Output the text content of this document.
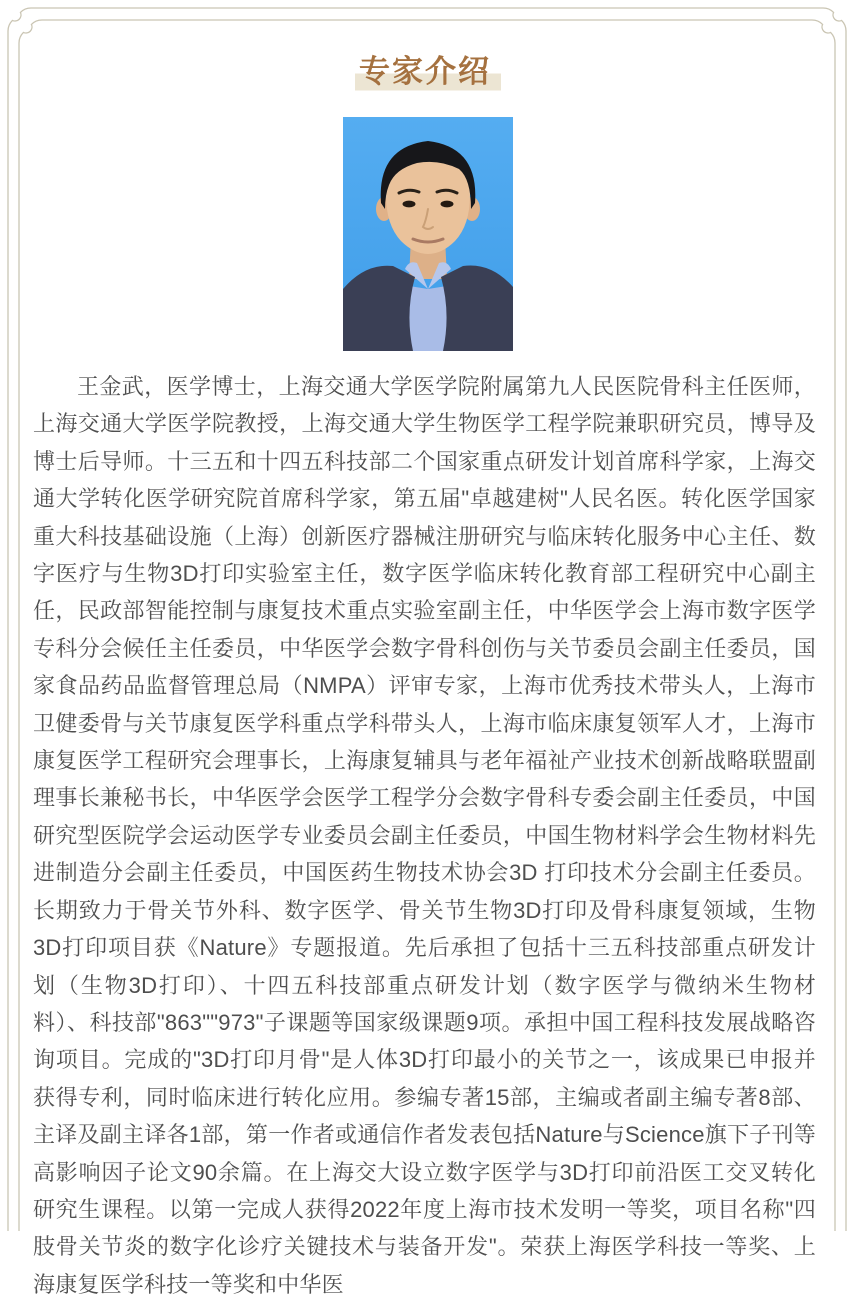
专家介绍

王金武，医学博士，上海交通大学医学院附属第九人民医院骨科主任医师，上海交通大学医学院教授，上海交通大学生物医学工程学院兼职研究员，博导及博士后导师。十三五和十四五科技部二个国家重点研发计划首席科学家，上海交通大学转化医学研究院首席科学家，第五届"卓越建树"人民名医。转化医学国家重大科技基础设施（上海）创新医疗器械注册研究与临床转化服务中心主任、数字医疗与生物3D打印实验室主任，数字医学临床转化教育部工程研究中心副主任，民政部智能控制与康复技术重点实验室副主任，中华医学会上海市数字医学专科分会候任主任委员，中华医学会数字骨科创伤与关节委员会副主任委员，国家食品药品监督管理总局（NMPA）评审专家，上海市优秀技术带头人，上海市卫健委骨与关节康复医学科重点学科带头人，上海市临床康复领军人才，上海市康复医学工程研究会理事长，上海康复辅具与老年福祉产业技术创新战略联盟副理事长兼秘书长，中华医学会医学工程学分会数字骨科专委会副主任委员，中国研究型医院学会运动医学专业委员会副主任委员，中国生物材料学会生物材料先进制造分会副主任委员，中国医药生物技术协会3D 打印技术分会副主任委员。长期致力于骨关节外科、数字医学、骨关节生物3D打印及骨科康复领域，生物3D打印项目获《Nature》专题报道。先后承担了包括十三五科技部重点研发计划（生物3D打印）、十四五科技部重点研发计划（数字医学与微纳米生物材料）、科技部"863""973"子课题等国家级课题9项。承担中国工程科技发展战略咨询项目。完成的"3D打印月骨"是人体3D打印最小的关节之一，该成果已申报并获得专利，同时临床进行转化应用。参编专著15部，主编或者副主编专著8部、主译及副主译各1部，第一作者或通信作者发表包括Nature与Science旗下子刊等高影响因子论文90余篇。在上海交大设立数字医学与3D打印前沿医工交叉转化研究生课程。以第一完成人获得2022年度上海市技术发明一等奖，项目名称"四肢骨关节炎的数字化诊疗关键技术与装备开发"。荣获上海医学科技一等奖、上海康复医学科技一等奖和中华医
